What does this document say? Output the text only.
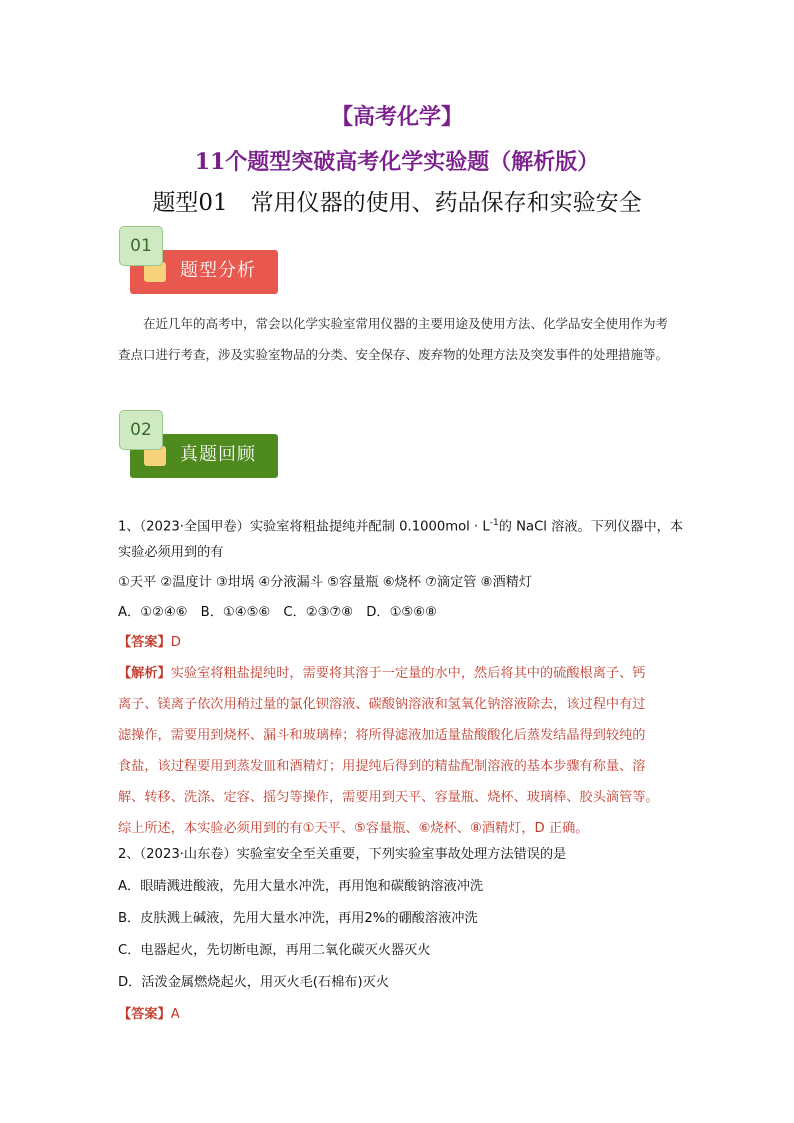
【高考化学】
11个题型突破高考化学实验题（解析版）
题型01　常用仪器的使用、药品保存和实验安全
01
题型分析
在近几年的高考中，常会以化学实验室常用仪器的主要用途及使用方法、化学品安全使用作为考查点口进行考查，涉及实验室物品的分类、安全保存、废弃物的处理方法及突发事件的处理措施等。
02
真题回顾
1、（2023·全国甲卷）实验室将粗盐提纯并配制 $0.1000mol \cdot L^{-1}$的 NaCl 溶液。下列仪器中，本
实验必须用到的有
①天平 ②温度计 ③坩埚 ④分液漏斗 ⑤容量瓶 ⑥烧杯 ⑦滴定管 ⑧酒精灯
A．①②④⑥　B．①④⑤⑥　C．②③⑦⑧　D．①⑤⑥⑧
【答案】D
【解析】实验室将粗盐提纯时，需要将其溶于一定量的水中，然后将其中的硫酸根离子、钙
离子、镁离子依次用稍过量的氯化钡溶液、碳酸钠溶液和氢氧化钠溶液除去，该过程中有过
滤操作，需要用到烧杯、漏斗和玻璃棒；将所得滤液加适量盐酸酸化后蒸发结晶得到较纯的
食盐，该过程要用到蒸发皿和酒精灯；用提纯后得到的精盐配制溶液的基本步骤有称量、溶
解、转移、洗涤、定容、摇匀等操作，需要用到天平、容量瓶、烧杯、玻璃棒、胶头滴管等。
综上所述，本实验必须用到的有①天平、⑤容量瓶、⑥烧杯、⑧酒精灯，D 正确。
2、（2023·山东卷）实验室安全至关重要，下列实验室事故处理方法错误的是
A．眼睛溅进酸液，先用大量水冲洗，再用饱和碳酸钠溶液冲洗
B．皮肤溅上碱液，先用大量水冲洗，再用2%的硼酸溶液冲洗
C．电器起火，先切断电源，再用二氧化碳灭火器灭火
D．活泼金属燃烧起火，用灭火毛(石棉布)灭火
【答案】A
